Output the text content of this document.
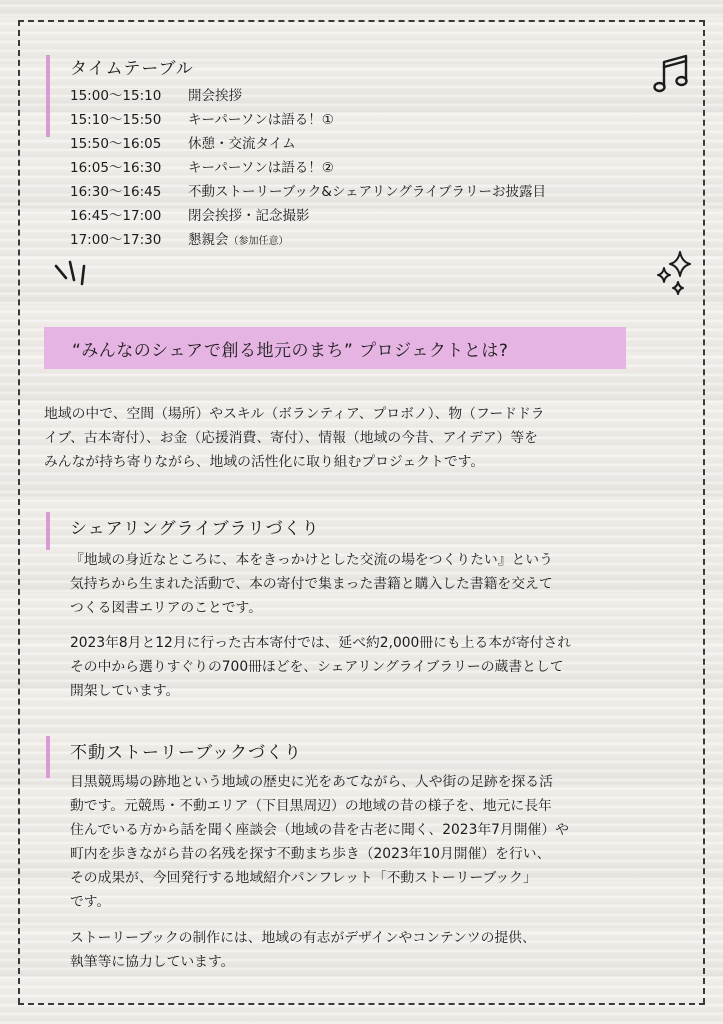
タイムテーブル
15:00〜15:10 開会挨拶
15:10〜15:50 キーパーソンは語る！①
15:50〜16:05 休憩・交流タイム
16:05〜16:30 キーパーソンは語る！②
16:30〜16:45 不動ストーリーブック&シェアリングライブラリーお披露目
16:45〜17:00 閉会挨拶・記念撮影
17:00〜17:30 懇親会（参加任意）
“みんなのシェアで創る地元のまち” プロジェクトとは?
地域の中で、空間（場所）やスキル（ボランティア、プロボノ）、物（フードドラ
イブ、古本寄付）、お金（応援消費、寄付）、情報（地域の今昔、アイデア）等を
みんなが持ち寄りながら、地域の活性化に取り組むプロジェクトです。
シェアリングライブラリづくり
『地域の身近なところに、本をきっかけとした交流の場をつくりたい』という
気持ちから生まれた活動で、本の寄付で集まった書籍と購入した書籍を交えて
つくる図書エリアのことです。
2023年8月と12月に行った古本寄付では、延べ約2,000冊にも上る本が寄付され
その中から選りすぐりの700冊ほどを、シェアリングライブラリーの蔵書として
開架しています。
不動ストーリーブックづくり
目黒競馬場の跡地という地域の歴史に光をあてながら、人や街の足跡を探る活
動です。元競馬・不動エリア（下目黒周辺）の地域の昔の様子を、地元に長年
住んでいる方から話を聞く座談会（地域の昔を古老に聞く、2023年7月開催）や
町内を歩きながら昔の名残を探す不動まち歩き（2023年10月開催）を行い、
その成果が、今回発行する地域紹介パンフレット「不動ストーリーブック」
です。
ストーリーブックの制作には、地域の有志がデザインやコンテンツの提供、
執筆等に協力しています。
